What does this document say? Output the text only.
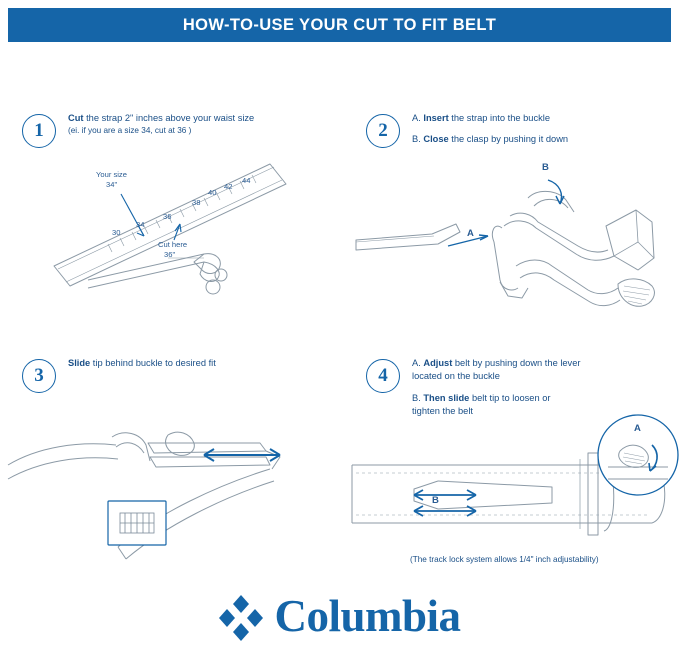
HOW-TO-USE YOUR CUT TO FIT BELT
1
Cut the strap 2" inches above your waist size
(ei. if you are a size 34, cut at 36 )
Your size
34"
Cut here
36"
30
34
36
38
40
42
44
2
A. Insert the strap into the buckle
B. Close the clasp by pushing it down
A
B
3
Slide tip behind buckle to desired fit
4
A. Adjust belt by pushing down the lever
located on the buckle
B. Then slide belt tip to loosen or
tighten the belt
A
B
(The track lock system allows 1/4" inch adjustability)
Columbia
